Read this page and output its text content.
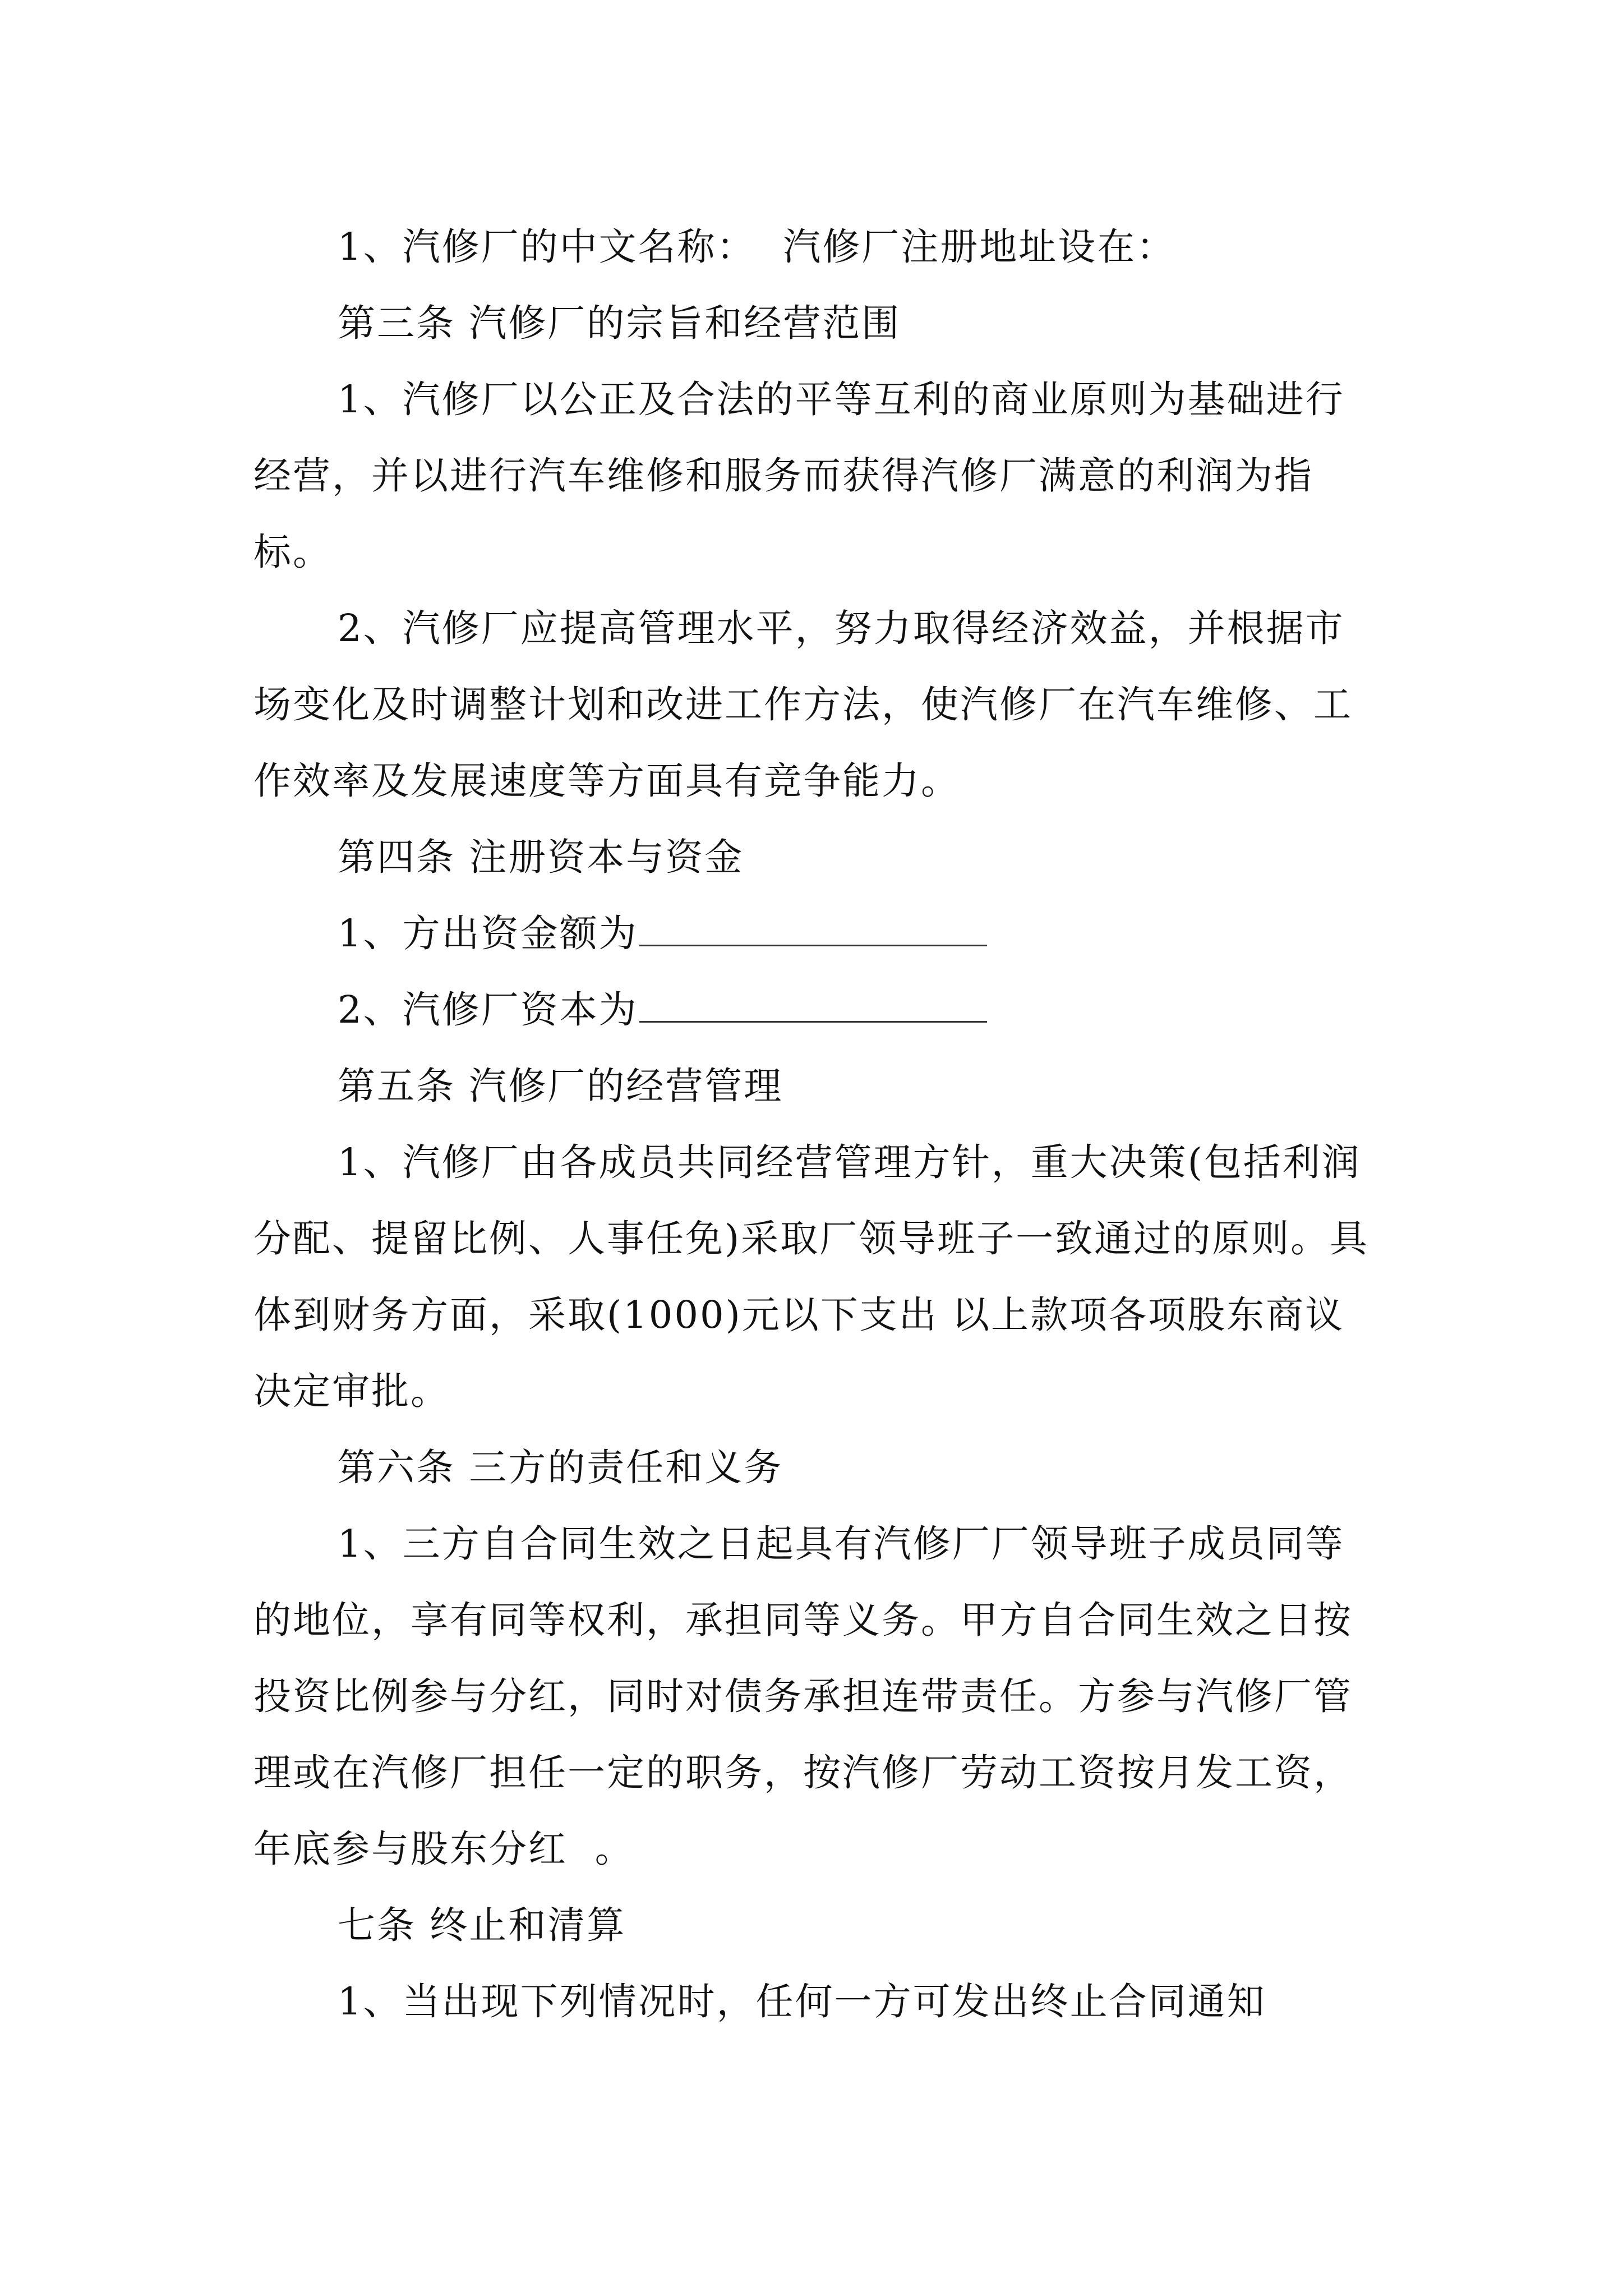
1、汽修厂的中文名称：  汽修厂注册地址设在：

第三条 汽修厂的宗旨和经营范围

1、汽修厂以公正及合法的平等互利的商业原则为基础进行经营，并以进行汽车维修和服务而获得汽修厂满意的利润为指标。

2、汽修厂应提高管理水平，努力取得经济效益，并根据市场变化及时调整计划和改进工作方法，使汽修厂在汽车维修、工作效率及发展速度等方面具有竞争能力。

第四条 注册资本与资金

1、方出资金额为

2、汽修厂资本为

第五条 汽修厂的经营管理

1、汽修厂由各成员共同经营管理方针，重大决策(包括利润分配、提留比例、人事任免)采取厂领导班子一致通过的原则。具体到财务方面，采取(1000)元以下支出 以上款项各项股东商议决定审批。

第六条 三方的责任和义务

1、三方自合同生效之日起具有汽修厂厂领导班子成员同等的地位，享有同等权利，承担同等义务。甲方自合同生效之日按投资比例参与分红，同时对债务承担连带责任。方参与汽修厂管理或在汽修厂担任一定的职务，按汽修厂劳动工资按月发工资，年底参与股东分红  。

七条 终止和清算

1、当出现下列情况时，任何一方可发出终止合同通知
